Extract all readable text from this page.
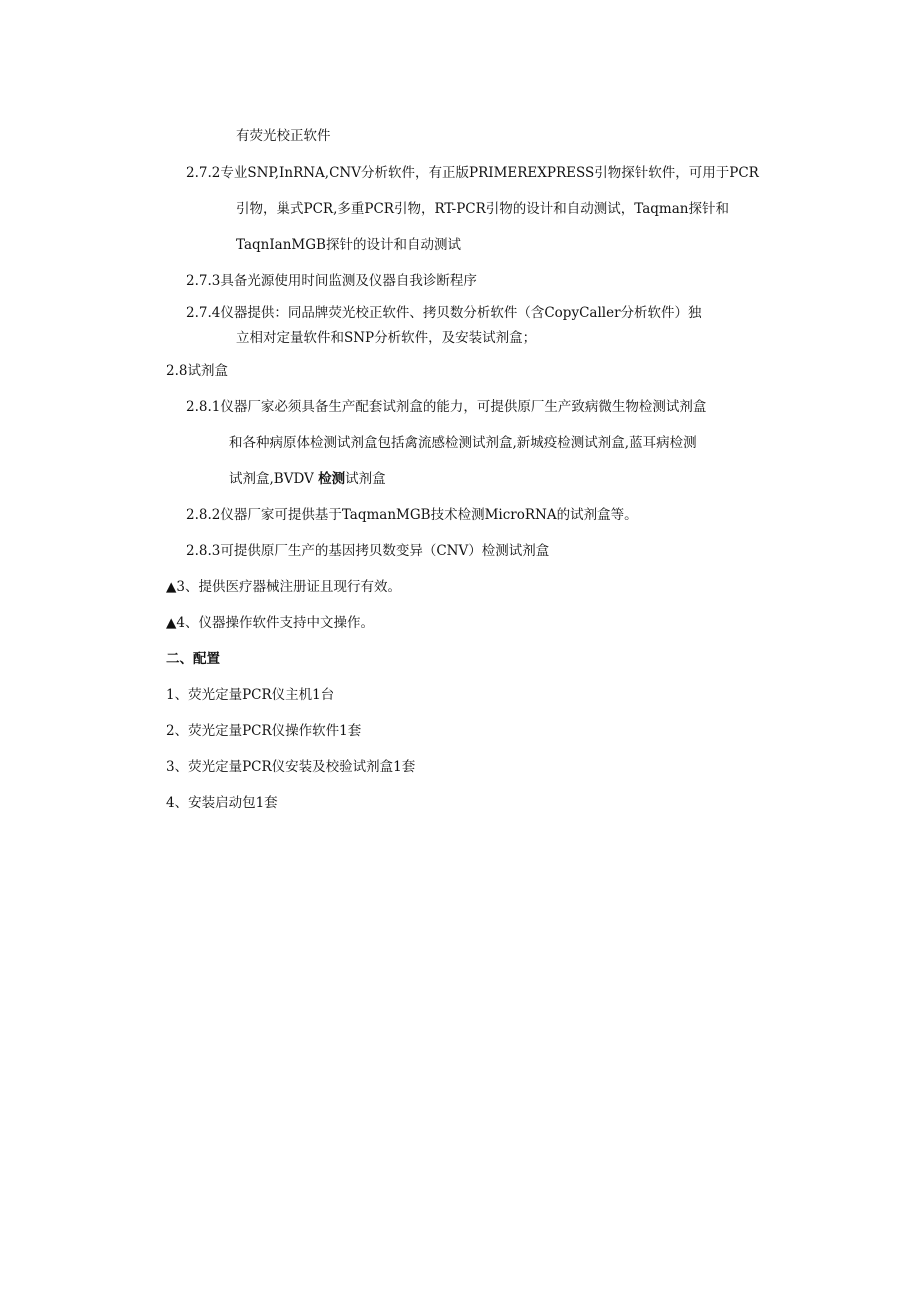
有荧光校正软件
2.7.2专业SNP,InRNA,CNV分析软件，有正版PRIMEREXPRESS引物探针软件，可用于PCR
引物，巢式PCR,多重PCR引物，RT-PCR引物的设计和自动测试，Taqman探针和
TaqnIanMGB探针的设计和自动测试
2.7.3具备光源使用时间监测及仪器自我诊断程序
2.7.4仪器提供：同品牌荧光校正软件、拷贝数分析软件（含CopyCaller分析软件）独
立相对定量软件和SNP分析软件，及安装试剂盒；
2.8试剂盒
2.8.1仪器厂家必须具备生产配套试剂盒的能力，可提供原厂生产致病微生物检测试剂盒
和各种病原体检测试剂盒包括禽流感检测试剂盒,新城疫检测试剂盒,蓝耳病检测
试剂盒,BVDV 检测试剂盒
2.8.2仪器厂家可提供基于TaqmanMGB技术检测MicroRNA的试剂盒等。
2.8.3可提供原厂生产的基因拷贝数变异（CNV）检测试剂盒
▲3、提供医疗器械注册证且现行有效。
▲4、仪器操作软件支持中文操作。
二、配置
1、荧光定量PCR仪主机1台
2、荧光定量PCR仪操作软件1套
3、荧光定量PCR仪安装及校验试剂盒1套
4、安装启动包1套
